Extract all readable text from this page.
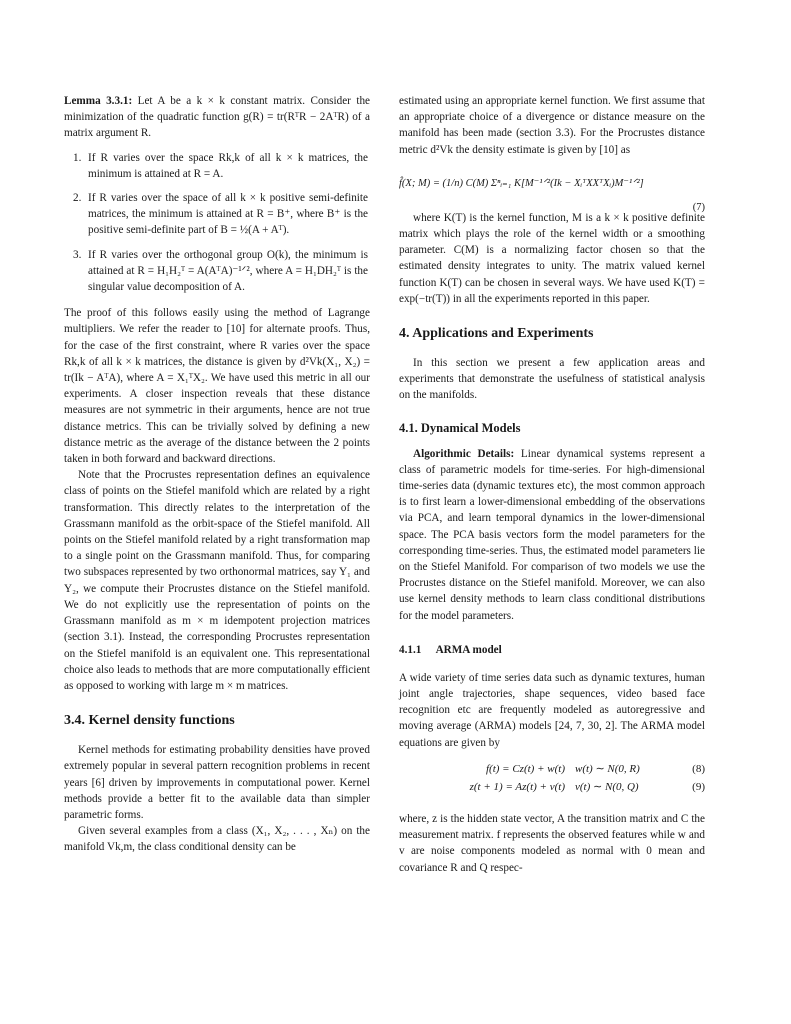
Lemma 3.3.1: Let A be a k × k constant matrix. Consider the minimization of the quadratic function g(R) = tr(RᵀR − 2AᵀR) of a matrix argument R.

1. If R varies over the space Rk,k of all k × k matrices, the minimum is attained at R = A.
2. If R varies over the space of all k × k positive semi-definite matrices, the minimum is attained at R = B⁺, where B⁺ is the positive semi-definite part of B = ½(A + Aᵀ).
3. If R varies over the orthogonal group O(k), the minimum is attained at R = H₁H₂ᵀ = A(AᵀA)⁻¹ᐟ², where A = H₁DH₂ᵀ is the singular value decomposition of A.

The proof of this follows easily using the method of Lagrange multipliers. We refer the reader to [10] for alternate proofs. Thus, for the case of the first constraint, where R varies over the space Rk,k of all k × k matrices, the distance is given by d²Vk(X₁, X₂) = tr(Ik − AᵀA), where A = X₁ᵀX₂. We have used this metric in all our experiments. A closer inspection reveals that these distance measures are not symmetric in their arguments, hence are not true distance metrics. This can be trivially solved by defining a new distance metric as the average of the distance between the 2 points taken in both forward and backward directions.

Note that the Procrustes representation defines an equivalence class of points on the Stiefel manifold which are related by a right transformation. This directly relates to the interpretation of the Grassmann manifold as the orbit-space of the Stiefel manifold. All points on the Stiefel manifold related by a right transformation map to a single point on the Grassmann manifold. Thus, for comparing two subspaces represented by two orthonormal matrices, say Y₁ and Y₂, we compute their Procrustes distance on the Stiefel manifold. We do not explicitly use the representation of points on the Grassmann manifold as m × m idempotent projection matrices (section 3.1). Instead, the corresponding Procrustes representation on the Stiefel manifold is an equivalent one. This representational choice also leads to methods that are more computationally efficient as opposed to working with large m × m matrices.

3.4. Kernel density functions

Kernel methods for estimating probability densities have proved extremely popular in several pattern recognition problems in recent years [6] driven by improvements in computational power. Kernel methods provide a better fit to the available data than simpler parametric forms.

Given several examples from a class (X₁, X₂, . . . , Xₙ) on the manifold Vk,m, the class conditional density can be

estimated using an appropriate kernel function. We first assume that an appropriate choice of a divergence or distance measure on the manifold has been made (section 3.3). For the Procrustes distance metric d²Vk the density estimate is given by [10] as

f̂(X; M) = (1/n) C(M) Σⁿᵢ₌₁ K[M⁻¹ᐟ²(Ik − XᵢᵀXXᵀXᵢ)M⁻¹ᐟ²]
(7)

where K(T) is the kernel function, M is a k × k positive definite matrix which plays the role of the kernel width or a smoothing parameter. C(M) is a normalizing factor chosen so that the estimated density integrates to unity. The matrix valued kernel function K(T) can be chosen in several ways. We have used K(T) = exp(−tr(T)) in all the experiments reported in this paper.

4. Applications and Experiments

In this section we present a few application areas and experiments that demonstrate the usefulness of statistical analysis on the manifolds.

4.1. Dynamical Models

Algorithmic Details: Linear dynamical systems represent a class of parametric models for time-series. For high-dimensional time-series data (dynamic textures etc), the most common approach is to first learn a lower-dimensional embedding of the observations via PCA, and learn temporal dynamics in the lower-dimensional space. The PCA basis vectors form the model parameters for the corresponding time-series. Thus, the estimated model parameters lie on the Stiefel Manifold. For comparison of two models we use the Procrustes distance on the Stiefel manifold. Moreover, we can also use kernel density methods to learn class conditional distributions for the model parameters.

4.1.1 ARMA model

A wide variety of time series data such as dynamic textures, human joint angle trajectories, shape sequences, video based face recognition etc are frequently modeled as autoregressive and moving average (ARMA) models [24, 7, 30, 2]. The ARMA model equations are given by

f(t) = Cz(t) + w(t) w(t) ∼ N(0, R)	(8)
z(t + 1) = Az(t) + v(t) v(t) ∼ N(0, Q)	(9)

where, z is the hidden state vector, A the transition matrix and C the measurement matrix. f represents the observed features while w and v are noise components modeled as normal with 0 mean and covariance R and Q respec-
